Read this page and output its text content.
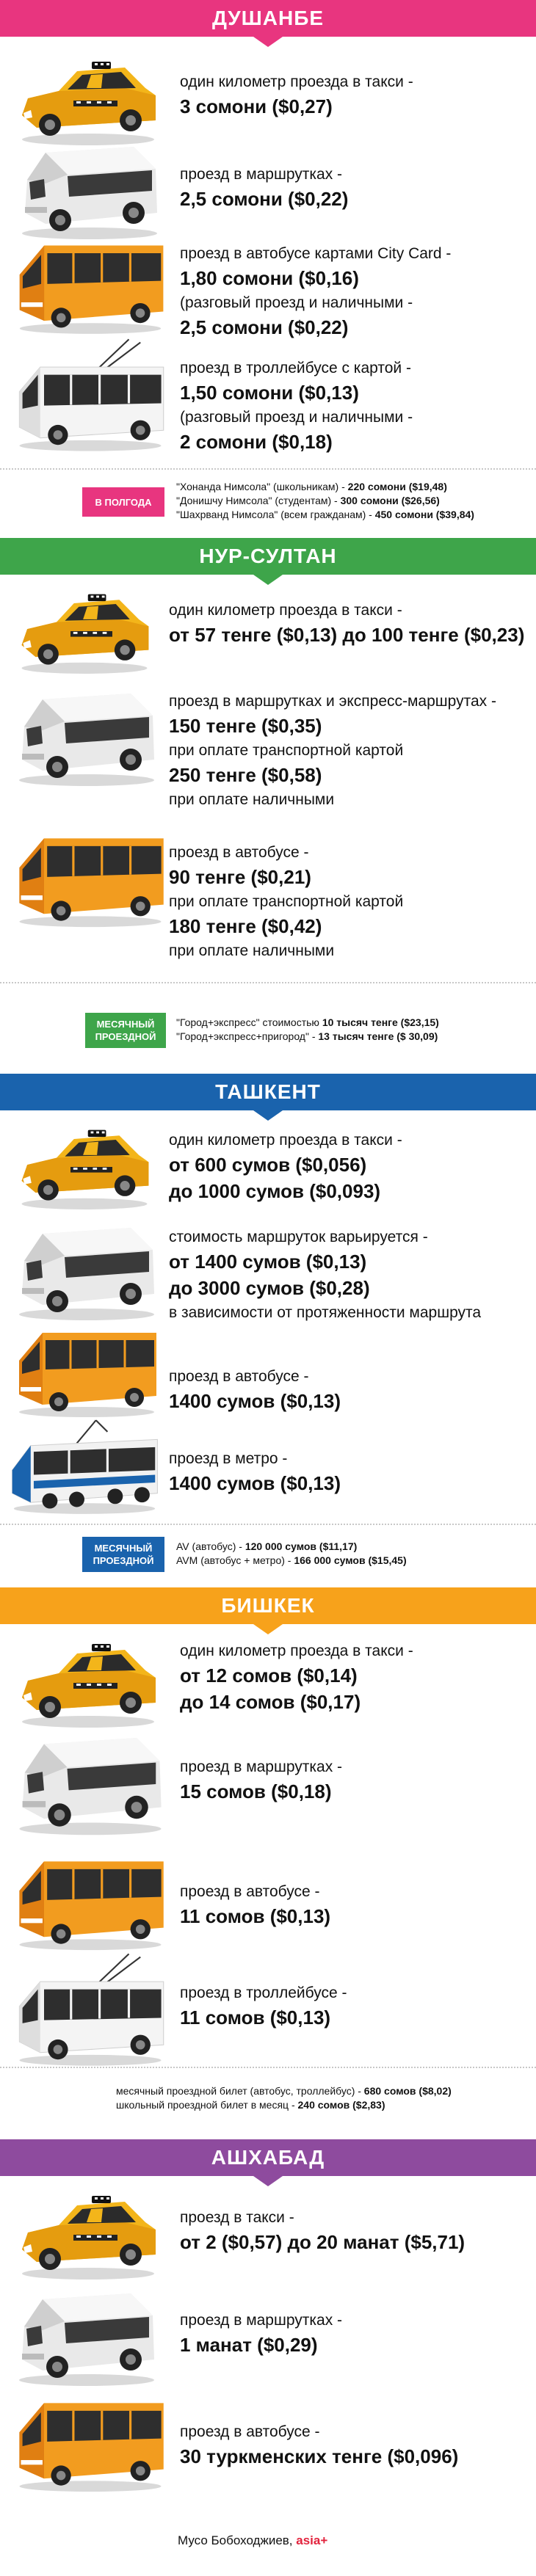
ДУШАНБЕ
один километр проезда в такси -
3 сомони ($0,27)
проезд в маршрутках -
2,5 сомони ($0,22)
проезд в автобусе картами City Card -
1,80 сомони ($0,16)
(разговый проезд и наличными -
2,5 сомони ($0,22)
проезд в троллейбусе с картой -
1,50 сомони ($0,13)
(разговый проезд и наличными -
2 сомони ($0,18)
В ПОЛГОДА
"Хонанда Нимсола" (школьникам) - 220 сомони ($19,48)
"Донишчу Нимсола" (студентам) - 300 сомони ($26,56)
"Шахрванд Нимсола" (всем гражданам) - 450 сомони ($39,84)
НУР-СУЛТАН
один километр проезда в такси -
от 57 тенге ($0,13) до 100 тенге ($0,23)
проезд в маршрутках и экспресс-маршрутах -
150 тенге ($0,35)
при оплате транспортной картой
250 тенге ($0,58)
при оплате наличными
проезд в автобусе -
90 тенге ($0,21)
при оплате транспортной картой
180 тенге ($0,42)
при оплате наличными
МЕСЯЧНЫЙ
ПРОЕЗДНОЙ
"Город+экспресс" стоимостью 10 тысяч тенге ($23,15)
"Город+экспресс+пригород" - 13 тысяч тенге ($ 30,09)
ТАШКЕНТ
один километр проезда в такси -
от 600 сумов ($0,056)
до 1000 сумов ($0,093)
стоимость маршруток варьируется -
от 1400 сумов ($0,13)
до 3000 сумов ($0,28)
в зависимости от протяженности маршрута
проезд в автобусе -
1400 сумов ($0,13)
проезд в метро -
1400 сумов ($0,13)
МЕСЯЧНЫЙ
ПРОЕЗДНОЙ
AV (автобус) - 120 000 сумов ($11,17)
AVM (автобус + метро) - 166 000 сумов ($15,45)
БИШКЕК
один километр проезда в такси -
от 12 сомов ($0,14)
до 14 сомов ($0,17)
проезд в маршрутках -
15 сомов ($0,18)
проезд в автобусе -
11 сомов ($0,13)
проезд в троллейбусе -
11 сомов ($0,13)
месячный проездной билет (автобус, троллейбус) - 680 сомов ($8,02)
школьный проездной билет в месяц - 240 сомов ($2,83)
АШХАБАД
проезд в такси -
от 2 ($0,57) до 20 манат ($5,71)
проезд в маршрутках -
1 манат ($0,29)
проезд в автобусе -
30 туркменских тенге ($0,096)
Мусо Бобоходжиев, asia+
